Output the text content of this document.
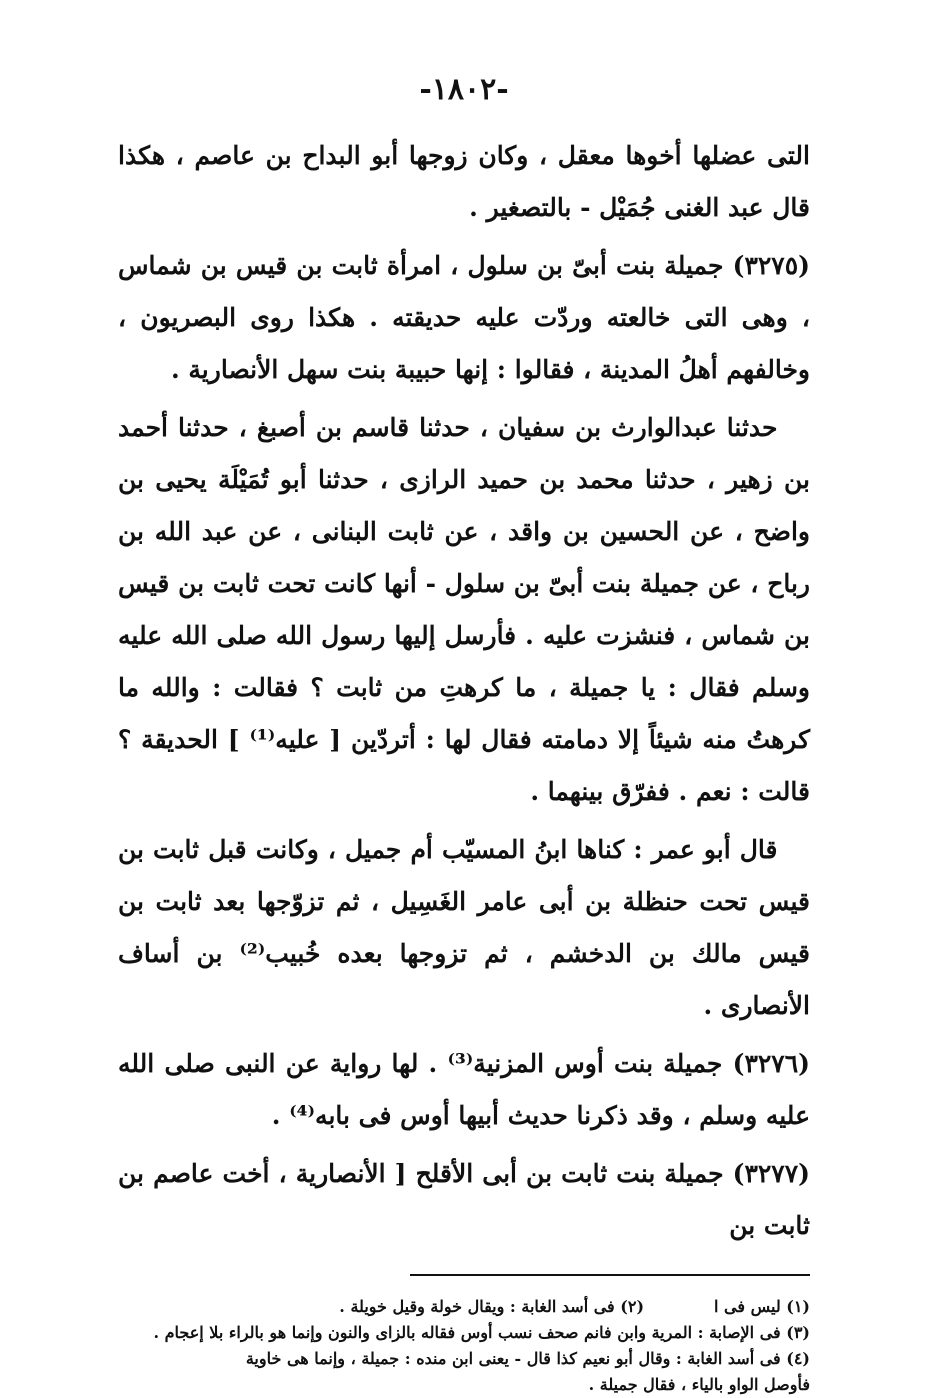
-١٨٠٢-

التى عضلها أخوها معقل ، وكان زوجها أبو البداح بن عاصم ، هكذا قال عبد الغنى جُمَيْل - بالتصغير .

(٣٢٧٥) جميلة بنت أبىّ بن سلول ، امرأة ثابت بن قيس بن شماس ، وهى التى خالعته وردّت عليه حديقته . هكذا روى البصريون ، وخالفهم أهلُ المدينة ، فقالوا : إنها حبيبة بنت سهل الأنصارية .

حدثنا عبدالوارث بن سفيان ، حدثنا قاسم بن أصبغ ، حدثنا أحمد بن زهير ، حدثنا محمد بن حميد الرازى ، حدثنا أبو تُمَيْلَة يحيى بن واضح ، عن الحسين بن واقد ، عن ثابت البنانى ، عن عبد الله بن رباح ، عن جميلة بنت أبىّ بن سلول - أنها كانت تحت ثابت بن قيس بن شماس ، فنشزت عليه . فأرسل إليها رسول الله صلى الله عليه وسلم فقال : يا جميلة ، ما كرهتِ من ثابت ؟ فقالت : والله ما كرهتُ منه شيئاً إلا دمامته فقال لها : أتردّين [ عليه⁽¹⁾ ] الحديقة ؟ قالت : نعم . ففرّق بينهما .

قال أبو عمر : كناها ابنُ المسيّب أم جميل ، وكانت قبل ثابت بن قيس تحت حنظلة بن أبى عامر الغَسِيل ، ثم تزوّجها بعد ثابت بن قيس مالك بن الدخشم ، ثم تزوجها بعده خُبيب⁽²⁾ بن أساف الأنصارى .

(٣٢٧٦) جميلة بنت أوس المزنية⁽³⁾ . لها رواية عن النبى صلى الله عليه وسلم ، وقد ذكرنا حديث أبيها أوس فى بابه⁽⁴⁾ .

(٣٢٧٧) جميلة بنت ثابت بن أبى الأقلح [ الأنصارية ، أخت عاصم بن ثابت بن

(١) ليس فى ا
(٢) فى أسد الغابة : ويقال خولة وقيل خويلة .
(٣) فى الإصابة : المرية وابن فانم صحف نسب أوس فقاله بالزاى والنون وإنما هو بالراء بلا إعجام .
(٤) فى أسد الغابة : وقال أبو نعيم كذا قال - يعنى ابن منده : جميلة ، وإنما هى خاوية
فأوصل الواو بالياء ، فقال جميلة .
